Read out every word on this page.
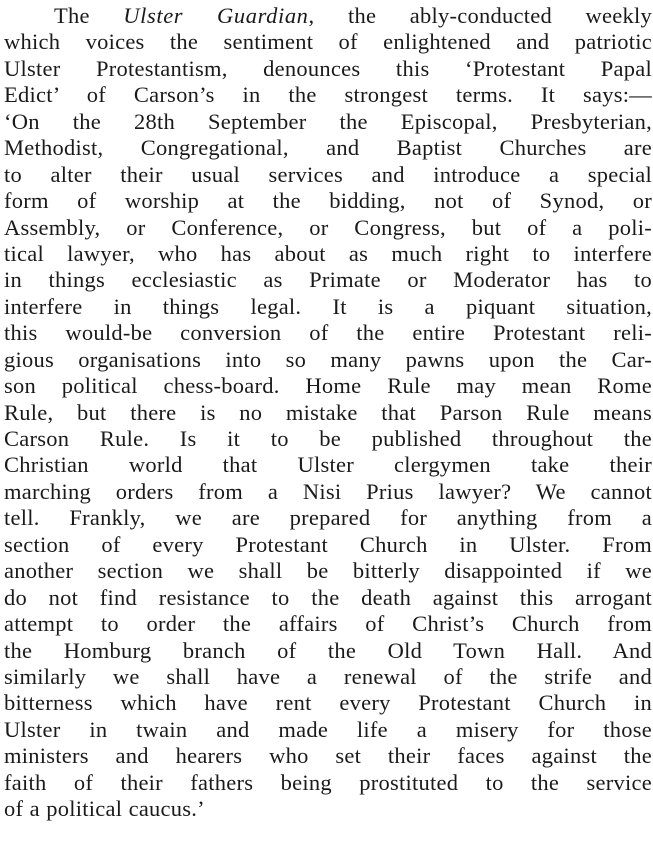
The Ulster Guardian, the ably-conducted weekly
which voices the sentiment of enlightened and patriotic
Ulster Protestantism, denounces this ‘Protestant Papal
Edict’ of Carson’s in the strongest terms. It says:—
‘On the 28th September the Episcopal, Presbyterian,
Methodist, Congregational, and Baptist Churches are
to alter their usual services and introduce a special
form of worship at the bidding, not of Synod, or
Assembly, or Conference, or Congress, but of a poli-
tical lawyer, who has about as much right to interfere
in things ecclesiastic as Primate or Moderator has to
interfere in things legal. It is a piquant situation,
this would-be conversion of the entire Protestant reli-
gious organisations into so many pawns upon the Car-
son political chess-board. Home Rule may mean Rome
Rule, but there is no mistake that Parson Rule means
Carson Rule. Is it to be published throughout the
Christian world that Ulster clergymen take their
marching orders from a Nisi Prius lawyer? We cannot
tell. Frankly, we are prepared for anything from a
section of every Protestant Church in Ulster. From
another section we shall be bitterly disappointed if we
do not find resistance to the death against this arrogant
attempt to order the affairs of Christ’s Church from
the Homburg branch of the Old Town Hall. And
similarly we shall have a renewal of the strife and
bitterness which have rent every Protestant Church in
Ulster in twain and made life a misery for those
ministers and hearers who set their faces against the
faith of their fathers being prostituted to the service
of a political caucus.’
